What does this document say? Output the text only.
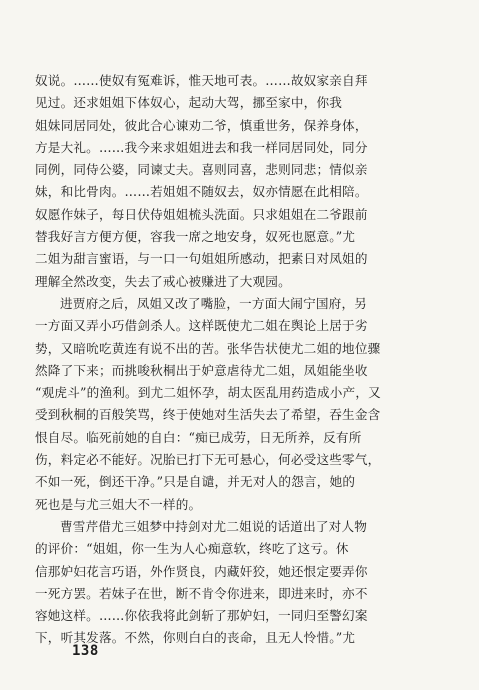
奴说。……使奴有冤难诉，惟天地可表。……故奴家亲自拜
见过。还求姐姐下体奴心，起动大驾，挪至家中，你我
姐妹同居同处，彼此合心谏劝二爷，慎重世务，保养身体，
方是大礼。……我今来求姐姐进去和我一样同居同处，同分
同例，同侍公婆，同谏丈夫。喜则同喜，悲则同悲；情似亲
妹，和比骨肉。……若姐姐不随奴去，奴亦情愿在此相陪。
奴愿作妹子，每日伏侍姐姐梳头洗面。只求姐姐在二爷跟前
替我好言方便方便，容我一席之地安身，奴死也愿意。”尤
二姐为甜言蜜语，与一口一句姐姐所感动，把素日对凤姐的
理解全然改变，失去了戒心被赚进了大观园。
进贾府之后，凤姐又改了嘴脸，一方面大闹宁国府，另
一方面又弄小巧借剑杀人。这样既使尤二姐在舆论上居于劣
势，又暗吮吃黄连有说不出的苦。张华告状使尤二姐的地位骤
然降了下来；而挑唆秋桐出于妒意虐待尤二姐，凤姐能坐收
“观虎斗”的渔利。到尤二姐怀孕，胡太医乱用药造成小产，又
受到秋桐的百般笑骂，终于使她对生活失去了希望，吞生金含
恨自尽。临死前她的自白：“痴已成劳，日无所养，反有所
伤，料定必不能好。况胎已打下无可悬心，何必受这些零气，
不如一死，倒还干净。”只是自谴，并无对人的怨言，她的
死也是与尤三姐大不一样的。
曹雪芹借尤三姐梦中持剑对尤二姐说的话道出了对人物
的评价：“姐姐，你一生为人心痴意软，终吃了这亏。休
信那妒妇花言巧语，外作贤良，内藏奸狡，她还恨定要弄你
一死方罢。若妹子在世，断不肯令你进来，即进来时，亦不
容她这样。……你依我将此剑斩了那妒妇，一同归至警幻案
下，听其发落。不然，你则白白的丧命，且无人怜惜。”尤
138
